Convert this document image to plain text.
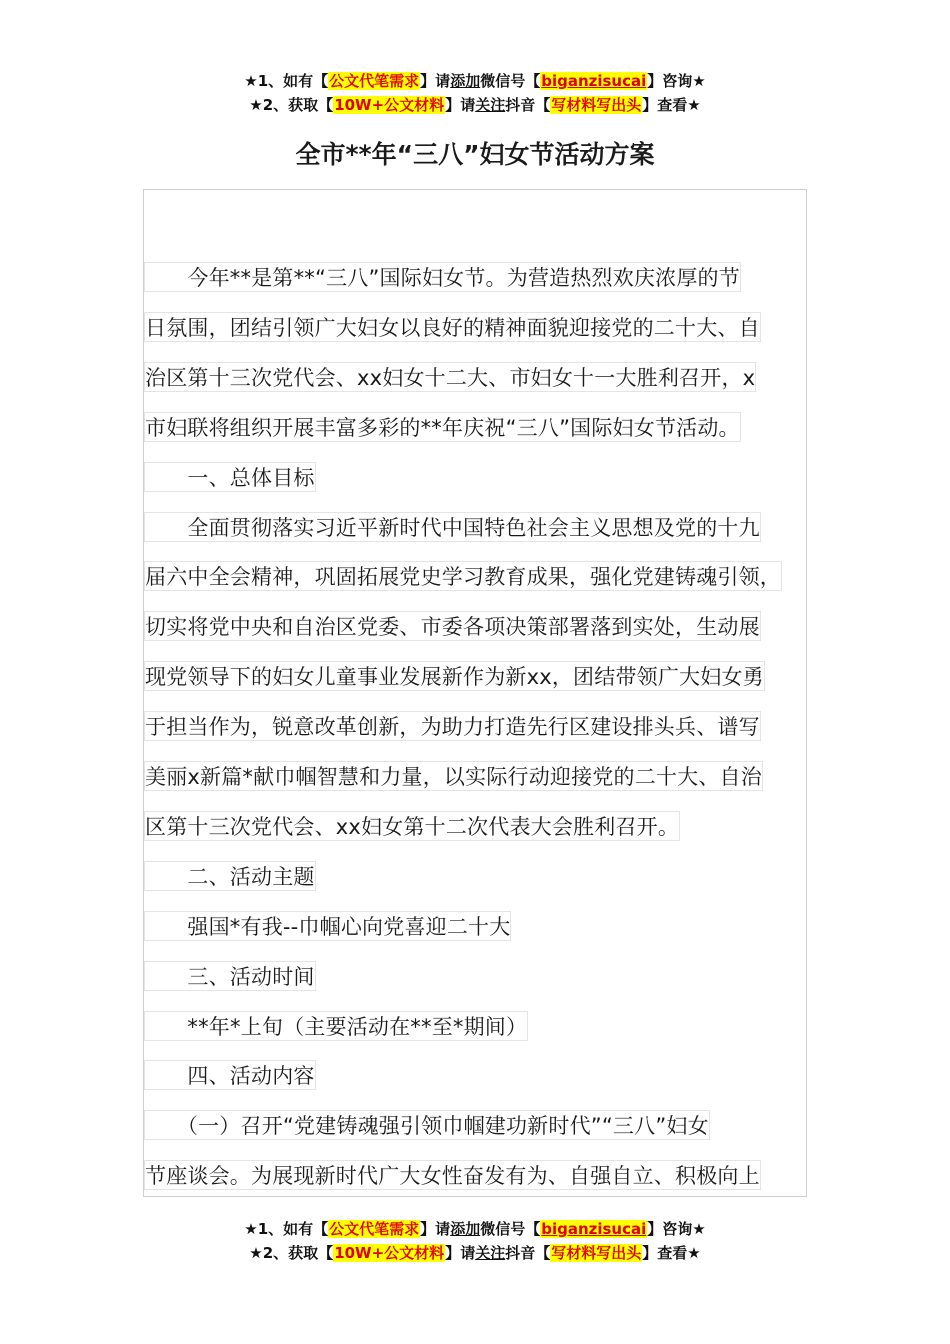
★1、如有【公文代笔需求】请添加微信号【biganzisucai】咨询★
★2、获取【10W+公文材料】请关注抖音【写材料写出头】查看★
全市**年“三八”妇女节活动方案
　　今年**是第**“三八”国际妇女节。为营造热烈欢庆浓厚的节
日氛围，团结引领广大妇女以良好的精神面貌迎接党的二十大、自
治区第十三次党代会、xx妇女十二大、市妇女十一大胜利召开，x
市妇联将组织开展丰富多彩的**年庆祝“三八”国际妇女节活动。
　　一、总体目标
　　全面贯彻落实习近平新时代中国特色社会主义思想及党的十九
届六中全会精神，巩固拓展党史学习教育成果，强化党建铸魂引领，
切实将党中央和自治区党委、市委各项决策部署落到实处，生动展
现党领导下的妇女儿童事业发展新作为新xx，团结带领广大妇女勇
于担当作为，锐意改革创新，为助力打造先行区建设排头兵、谱写
美丽x新篇*献巾帼智慧和力量，以实际行动迎接党的二十大、自治
区第十三次党代会、xx妇女第十二次代表大会胜利召开。
　　二、活动主题
　　强国*有我--巾帼心向党喜迎二十大
　　三、活动时间
　　**年*上旬（主要活动在**至*期间）
　　四、活动内容
　　（一）召开“党建铸魂强引领巾帼建功新时代”“三八”妇女
节座谈会。为展现新时代广大女性奋发有为、自强自立、积极向上
★1、如有【公文代笔需求】请添加微信号【biganzisucai】咨询★
★2、获取【10W+公文材料】请关注抖音【写材料写出头】查看★
